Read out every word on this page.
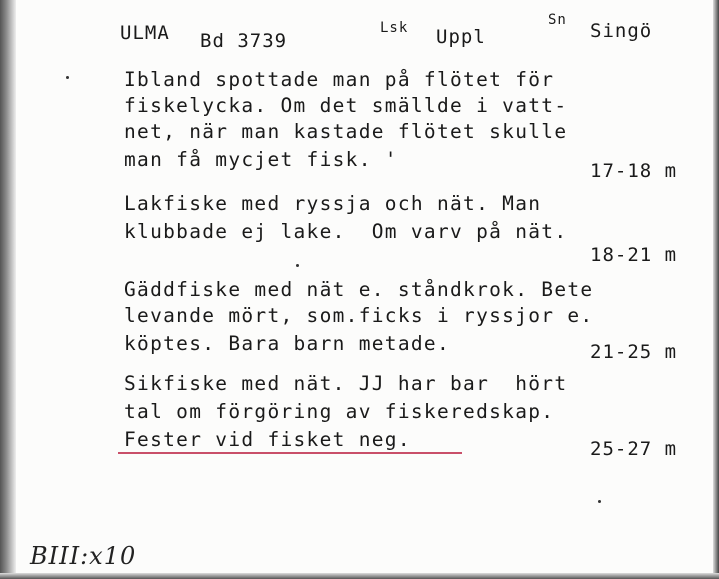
ULMA Bd 3739
Lsk Uppl
Sn Singö
Ibland spottade man på flötet för
fiskelycka. Om det smällde i vatt-
net, när man kastade flötet skulle
man få mycjet fisk. '	17-18 m
Lakfiske med ryssja och nät. Man
klubbade ej lake.  Om varv på nät.
18-21 m
Gäddfiske med nät e. ståndkrok. Bete
levande mört, som.ficks i ryssjor e.
köptes. Bara barn metade.	21-25 m
Sikfiske med nät. JJ har bar  hört
tal om förgöring av fiskeredskap.
Fester vid fisket neg.	25-27 m
BIII:x10
